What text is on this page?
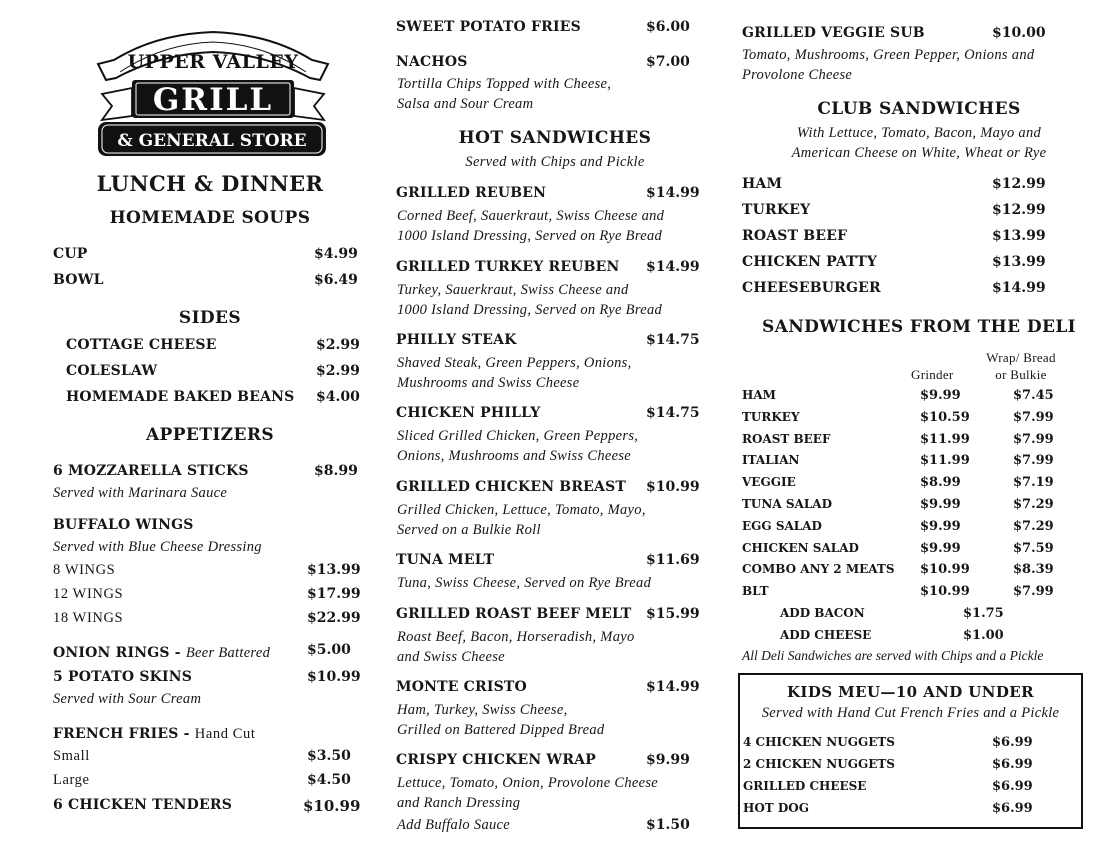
UPPER VALLEY
GRILL
& GENERAL STORE
LUNCH & DINNER
HOMEMADE SOUPS
CUP	$4.99
BOWL	$6.49
SIDES
COTTAGE CHEESE	$2.99
COLESLAW	$2.99
HOMEMADE BAKED BEANS $4.00
APPETIZERS
6 MOZZARELLA STICKS	$8.99
Served with Marinara Sauce
BUFFALO WINGS
Served with Blue Cheese Dressing
8 WINGS	$13.99
12 WINGS	$17.99
18 WINGS	$22.99
ONION RINGS - Beer Battered	$5.00
5 POTATO SKINS	$10.99
Served with Sour Cream
FRENCH FRIES - Hand Cut
Small	$3.50
Large	$4.50
6 CHICKEN TENDERS	$10.99
SWEET POTATO FRIES	$6.00
NACHOS	$7.00
Tortilla Chips Topped with Cheese,
Salsa and Sour Cream
HOT SANDWICHES
Served with Chips and Pickle
GRILLED REUBEN	$14.99
Corned Beef, Sauerkraut, Swiss Cheese and
1000 Island Dressing, Served on Rye Bread
GRILLED TURKEY REUBEN $14.99
Turkey, Sauerkraut, Swiss Cheese and
1000 Island Dressing, Served on Rye Bread
PHILLY STEAK	$14.75
Shaved Steak, Green Peppers, Onions,
Mushrooms and Swiss Cheese
CHICKEN PHILLY	$14.75
Sliced Grilled Chicken, Green Peppers,
Onions, Mushrooms and Swiss Cheese
GRILLED CHICKEN BREAST $10.99
Grilled Chicken, Lettuce, Tomato, Mayo,
Served on a Bulkie Roll
TUNA MELT	$11.69
Tuna, Swiss Cheese, Served on Rye Bread
GRILLED ROAST BEEF MELT $15.99
Roast Beef, Bacon, Horseradish, Mayo
and Swiss Cheese
MONTE CRISTO	$14.99
Ham, Turkey, Swiss Cheese,
Grilled on Battered Dipped Bread
CRISPY CHICKEN WRAP	$9.99
Lettuce, Tomato, Onion, Provolone Cheese
and Ranch Dressing
Add Buffalo Sauce	$1.50
GRILLED VEGGIE SUB	$10.00
Tomato, Mushrooms, Green Pepper, Onions and
Provolone Cheese
CLUB SANDWICHES
With Lettuce, Tomato, Bacon, Mayo and
American Cheese on White, Wheat or Rye
HAM	$12.99
TURKEY	$12.99
ROAST BEEF	$13.99
CHICKEN PATTY	$13.99
CHEESEBURGER	$14.99
SANDWICHES FROM THE DELI
Grinder
Wrap/ Bread
or Bulkie
HAM	$9.99	$7.45
TURKEY	$10.59	$7.99
ROAST BEEF	$11.99	$7.99
ITALIAN	$11.99	$7.99
VEGGIE	$8.99	$7.19
TUNA SALAD	$9.99	$7.29
EGG SALAD	$9.99	$7.29
CHICKEN SALAD	$9.99	$7.59
COMBO ANY 2 MEATS $10.99	$8.39
BLT	$10.99	$7.99
ADD BACON	$1.75
ADD CHEESE	$1.00
All Deli Sandwiches are served with Chips and a Pickle
KIDS MEU—10 AND UNDER
Served with Hand Cut French Fries and a Pickle
4 CHICKEN NUGGETS	$6.99
2 CHICKEN NUGGETS	$6.99
GRILLED CHEESE	$6.99
HOT DOG	$6.99
